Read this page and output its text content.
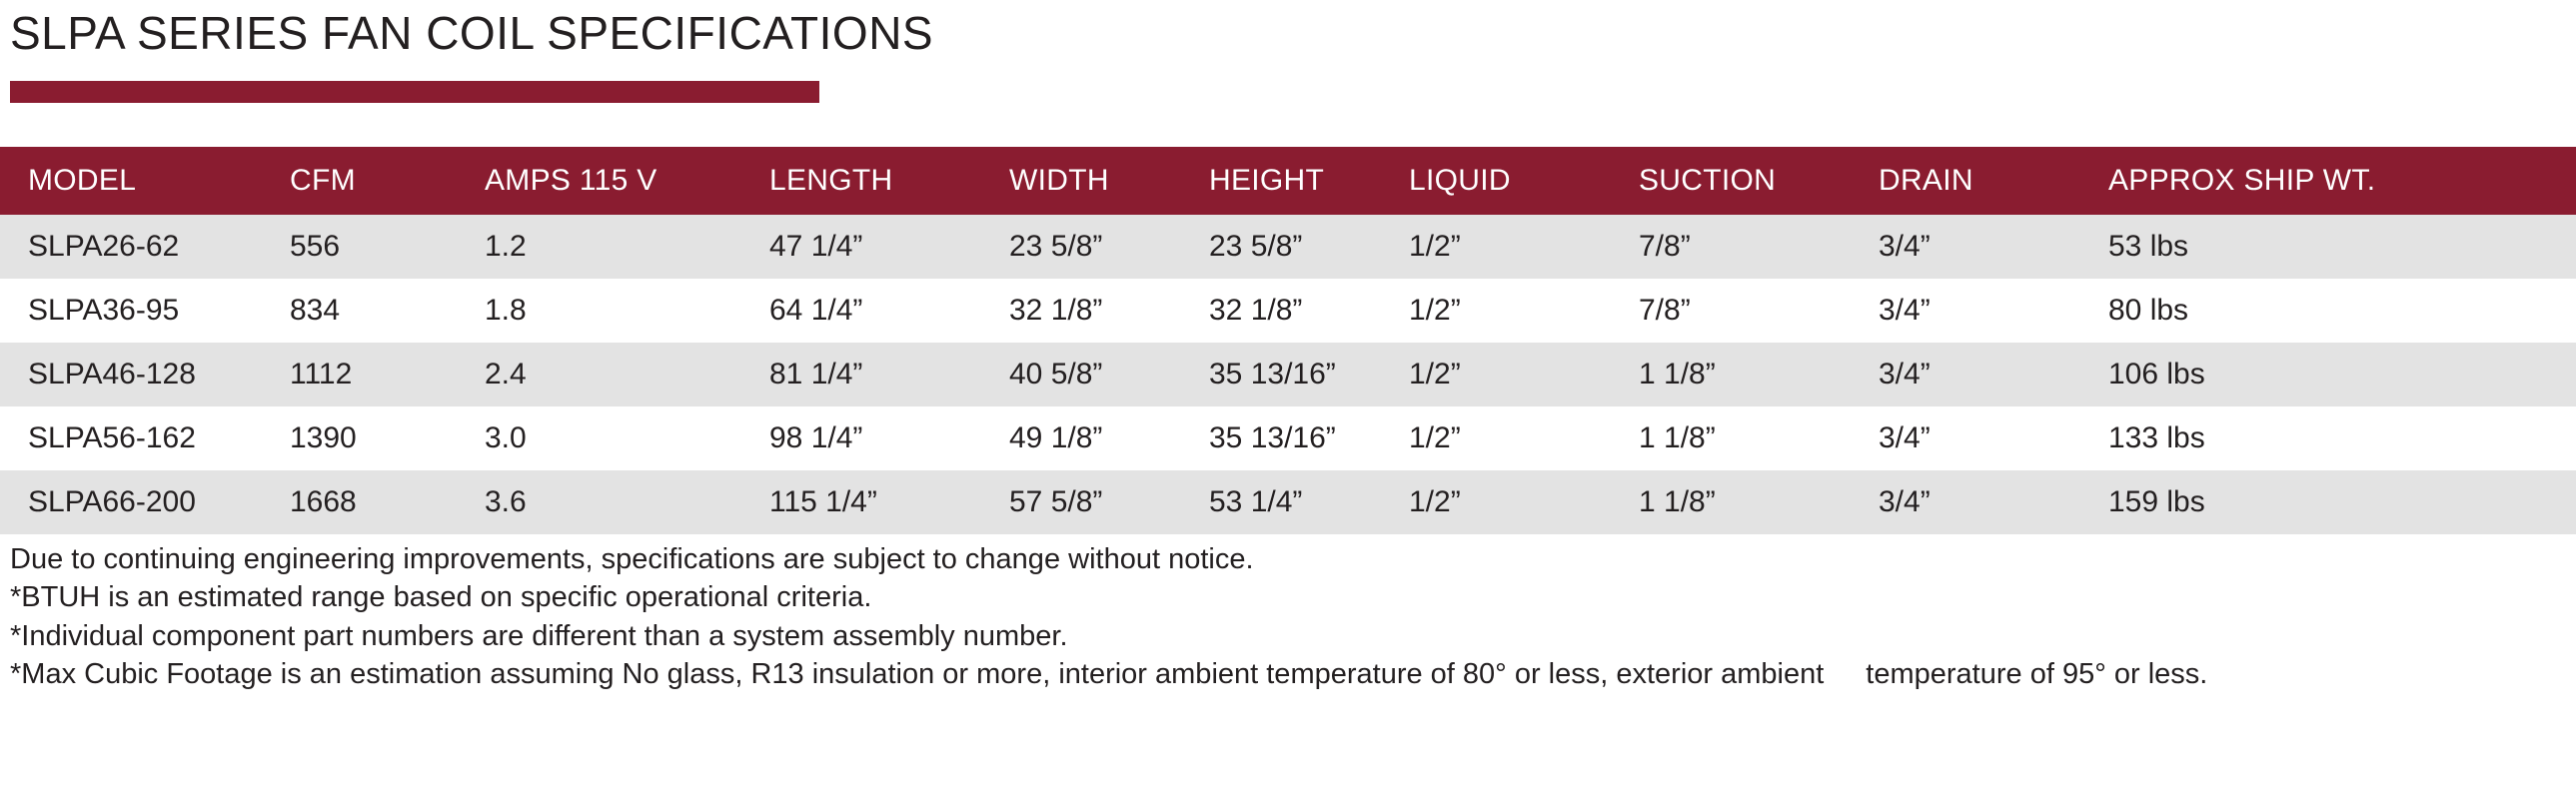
SLPA SERIES FAN COIL SPECIFICATIONS
MODEL	CFM	AMPS 115 V	LENGTH	WIDTH	HEIGHT	LIQUID	SUCTION	DRAIN	APPROX SHIP WT.
SLPA26-62	556	1.2	47 1/4”	23 5/8”	23 5/8”	1/2”	7/8”	3/4”	53 lbs
SLPA36-95	834	1.8	64 1/4”	32 1/8”	32 1/8”	1/2”	7/8”	3/4”	80 lbs
SLPA46-128	1112	2.4	81 1/4”	40 5/8”	35 13/16”	1/2”	1 1/8”	3/4”	106 lbs
SLPA56-162	1390	3.0	98 1/4”	49 1/8”	35 13/16”	1/2”	1 1/8”	3/4”	133 lbs
SLPA66-200	1668	3.6	115 1/4”	57 5/8”	53 1/4”	1/2”	1 1/8”	3/4”	159 lbs

Due to continuing engineering improvements, specifications are subject to change without notice.

*BTUH is an estimated range based on specific operational criteria.

*Individual component part numbers are different than a system assembly number.

*Max Cubic Footage is an estimation assuming No glass, R13 insulation or more, interior ambient temperature of 80° or less, exterior ambient temperature of 95° or less.
